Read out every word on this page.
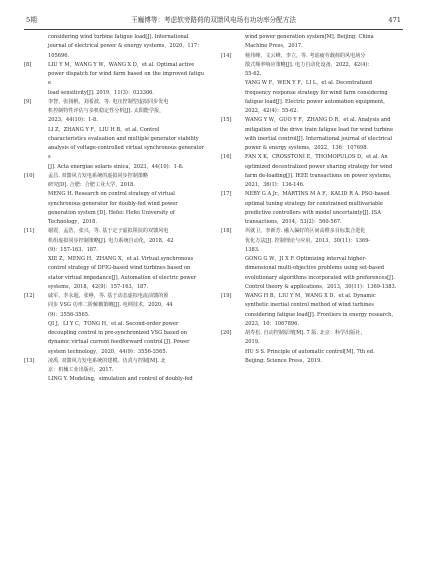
5期	王巍博等：考虑软旁路荷的双馈风电场有功功率分配方法	471
considering wind turbine fatigue load[J]. International
journal of electrical power & energy systems，2020，117：
105696.
[8]	LIU Y M，WANG Y W，WANG X D，et al. Optimal active
power dispatch for wind farm based on the improved fatigue
load sensitivity[J]. 2019，11(3)：033306.
[9]	李智，张扬帆，刘希波，等. 电压控制型虚拟同步发电
机控制特性评估与多机稳定性分析[J]. 太阳能学报，
2023，44(10)：1-8.
LI Z，ZHANG Y F，LIU H B，et al. Control
characteristics evaluation and multiple generator stability
analysis of voltage-controlled virtual synchronous generators
[J]. Acta energiae solaris sinica，2023，44(10)：1-8.
[10]	孟昌. 双馈风力发电系统的虚拟同步控制策略
研究[D]. 合肥：合肥工业大学，2018.
MENG H. Research on control strategy of virtual
synchronous generator for doubly-fed wind power
generation system [D]. Hefei: Hefei University of
Technology，2018.
[11]	谢震，孟浩，张兴，等. 基于定子虚拟阻抗的双馈风电
机组虚拟同步控制策略[J]. 电力系统自动化，2018，42
(9)：157-163，187.
XIE Z，MENG H，ZHANG X，et al. Virtual synchronous
control strategy of DFIG-based wind turbines based on
stator virtual impedance[J]. Automation of electric power
systems，2018，42(9)：157-163，187.
[12]	戚军，李永超，张峥，等. 基于动态虚拟电流前馈的预
同步 VSG 功率二阶解耦策略[J]. 电网技术，2020，44
(9)：3556-3565.
QI J，LI Y C，TONG H，et al. Second-order power
decoupling control in pre-synchronized VSG based on
dynamic virtual current feedforward control [J]. Power
system technology，2020，44(9)：3556-3565.
[13]	凌禹. 双馈风力发电系统的建模、仿真与控制[M]. 北
京：机械工业出版社，2017.
LING Y. Modeling，simulation and control of doubly-fed
wind power generation system[M]. Beijing: China
Machine Press，2017.
[14]	杨伟峰，文云峰，李立，等. 考虑疲劳载荷的风电场分
散式频率响应策略[J]. 电力自动化设备，2022，42(4)：
55-62.
YANG W F，WEN Y F，LI L，et al. Decentralized
frequency response strategy for wind farm considering
fatigue load[J]. Electric power automation equipment，
2022，42(4)：55-62.
[15]	WANG Y W，GUO Y F，ZHANG D R，et al. Analysis and
mitigation of the drive train fatigue load for wind turbine
with inertial control[J]. International journal of electrical
power & energy systems，2022，136：107698.
[16]	FAN X K，CROSSTONI E，THOMOPULOS D，et al. An
optimized decentralized power sharing strategy for wind
farm de-loading[J]. IEEE transactions on power systems，
2021，36(1)：136-146.
[17]	NEBY G A Jr，MARTINS M A F，KALID R A. PSO-based
optimal tuning strategy for constrained multivariable
predictive controllers with model uncertainty[J]. ISA
transactions，2014，53(2)：560-567.
[18]	巩就卫，李新芳. 融入偏好的区间高维多目标集合进化
优化方法[J]. 控制理论与应用，2013，30(11)：1369-
1383.
GONG G W，JI X F. Optimizing interval higher-
dimensional multi-objective problems using set-based
evolutionary algorithms incorporated with preferences[J].
Control theory & applications，2013，30(11)：1369-1383.
[19]	WANG H B，LIU Y M，WANG X D，et al. Dynamic
synthetic inertial control method of wind turbines
considering fatigue load[J]. Frontiers in energy research，
2023，10：1067896.
[20]	胡寿松. 自动控制原理[M]. 7 版. 北京：科学出版社，
2019.
HU S S. Principle of automatic control[M]. 7th ed.
Beijing: Science Press，2019.
